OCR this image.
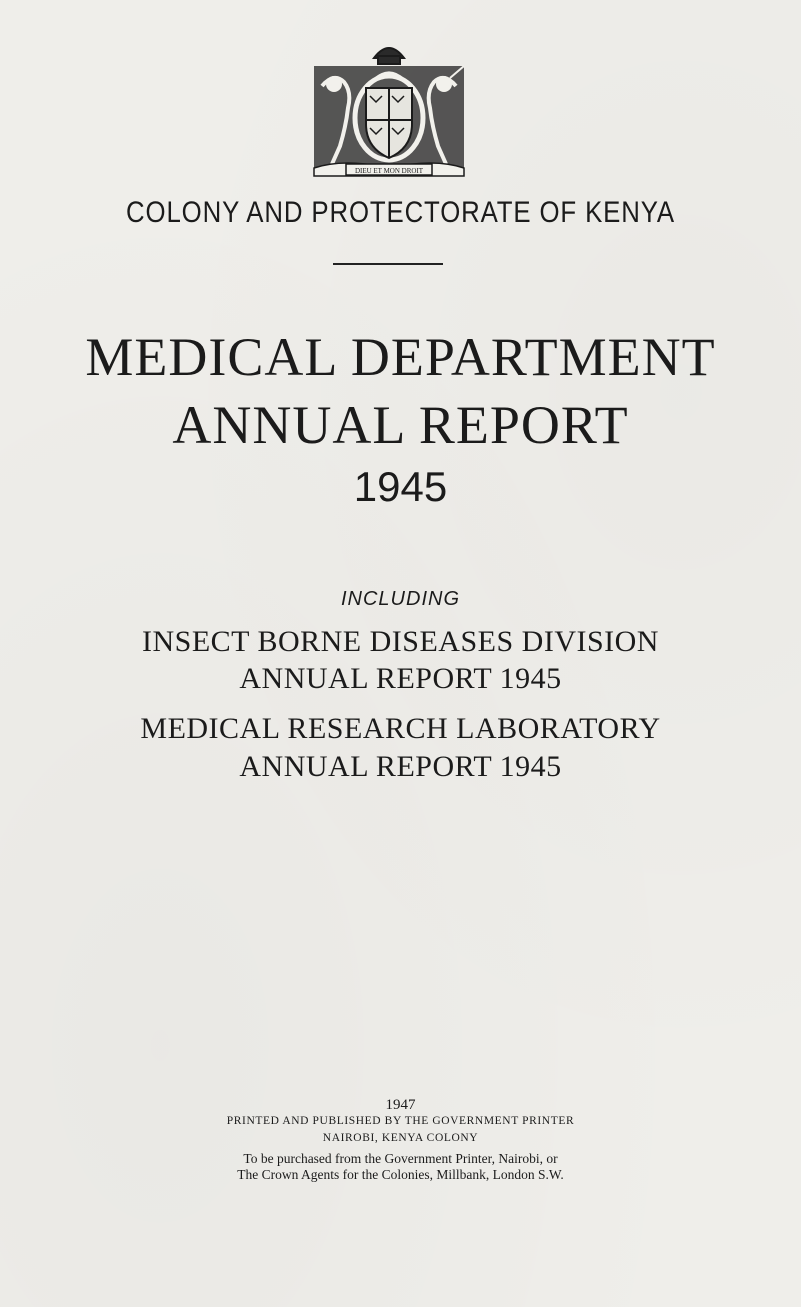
DIEU ET MON DROIT
COLONY AND PROTECTORATE OF KENYA
MEDICAL DEPARTMENT
ANNUAL REPORT
1945
INCLUDING
INSECT BORNE DISEASES DIVISION
ANNUAL REPORT 1945
MEDICAL RESEARCH LABORATORY
ANNUAL REPORT 1945
1947
PRINTED AND PUBLISHED BY THE GOVERNMENT PRINTER
NAIROBI, KENYA COLONY
To be purchased from the Government Printer, Nairobi, or
The Crown Agents for the Colonies, Millbank, London S.W.
